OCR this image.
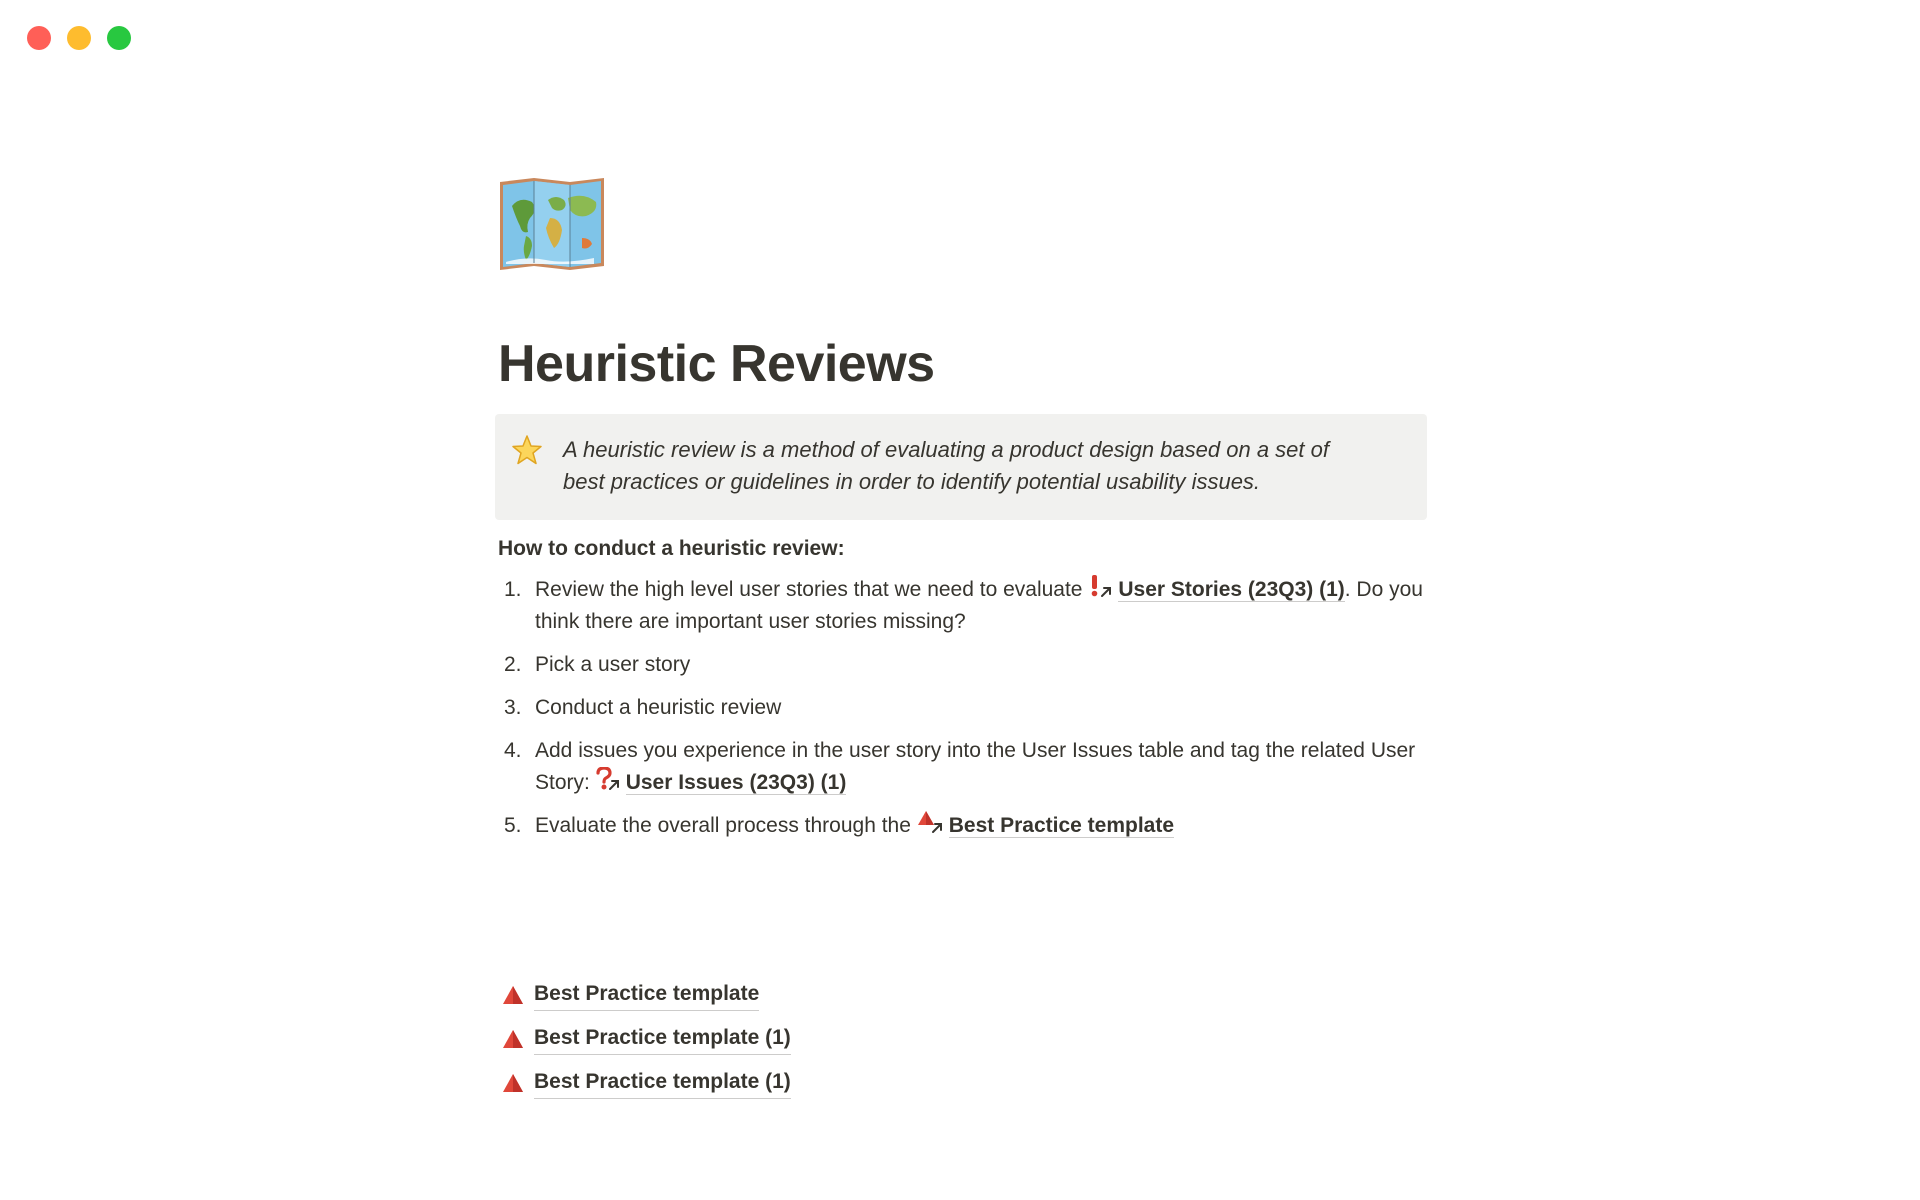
Heuristic Reviews
A heuristic review is a method of evaluating a product design based on a set of best practices or guidelines in order to identify potential usability issues.
How to conduct a heuristic review:
1. Review the high level user stories that we need to evaluate User Stories (23Q3) (1). Do you think there are important user stories missing?
2. Pick a user story
3. Conduct a heuristic review
4. Add issues you experience in the user story into the User Issues table and tag the related User Story: User Issues (23Q3) (1)
5. Evaluate the overall process through the Best Practice template
Best Practice template
Best Practice template (1)
Best Practice template (1)
